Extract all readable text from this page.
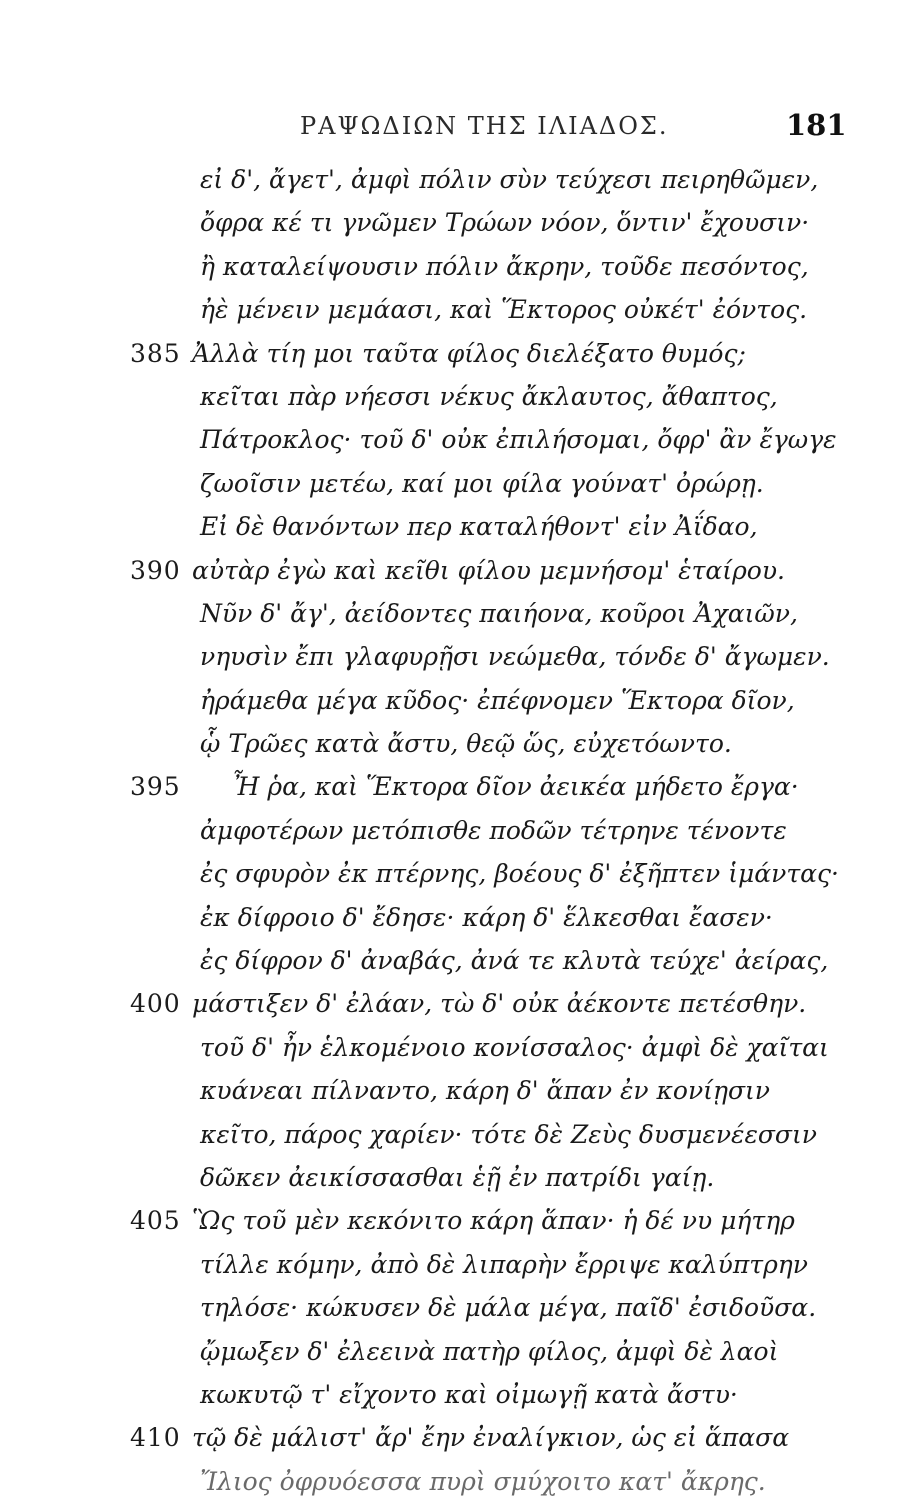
ΡΑΨΩΔΙΩΝ ΤΗΣ ΙΛΙΑΔΟΣ.	181
εἰ δ', ἄγετ', ἀμφὶ πόλιν σὺν τεύχεσι πειρηθῶμεν,
ὄφρα κέ τι γνῶμεν Τρώων νόον, ὅντιν' ἔχουσιν·
ἢ καταλείψουσιν πόλιν ἄκρην, τοῦδε πεσόντος,
ἠὲ μένειν μεμάασι, καὶ Ἕκτορος οὐκέτ' ἐόντος.
385 Ἀλλὰ τίη μοι ταῦτα φίλος διελέξατο θυμός;
κεῖται πὰρ νήεσσι νέκυς ἄκλαυτος, ἄθαπτος,
Πάτροκλος· τοῦ δ' οὐκ ἐπιλήσομαι, ὄφρ' ἂν ἔγωγε
ζωοῖσιν μετέω, καί μοι φίλα γούνατ' ὀρώρῃ.
Εἰ δὲ θανόντων περ καταλήθοντ' εἰν Ἀΐδαο,
390 αὐτὰρ ἐγὼ καὶ κεῖθι φίλου μεμνήσομ' ἑταίρου.
Νῦν δ' ἄγ', ἀείδοντες παιήονα, κοῦροι Ἀχαιῶν,
νηυσὶν ἔπι γλαφυρῇσι νεώμεθα, τόνδε δ' ἄγωμεν.
ἠράμεθα μέγα κῦδος· ἐπέφνομεν Ἕκτορα δῖον,
ᾧ Τρῶες κατὰ ἄστυ, θεῷ ὥς, εὐχετόωντο.
395 Ἦ ῥα, καὶ Ἕκτορα δῖον ἀεικέα μήδετο ἔργα·
ἀμφοτέρων μετόπισθε ποδῶν τέτρηνε τένοντε
ἐς σφυρὸν ἐκ πτέρνης, βοέους δ' ἐξῆπτεν ἱμάντας·
ἐκ δίφροιο δ' ἔδησε· κάρη δ' ἕλκεσθαι ἔασεν·
ἐς δίφρον δ' ἀναβάς, ἀνά τε κλυτὰ τεύχε' ἀείρας,
400 μάστιξεν δ' ἐλάαν, τὼ δ' οὐκ ἀέκοντε πετέσθην.
τοῦ δ' ἦν ἑλκομένοιο κονίσσαλος· ἀμφὶ δὲ χαῖται
κυάνεαι πίλναντο, κάρη δ' ἅπαν ἐν κονίῃσιν
κεῖτο, πάρος χαρίεν· τότε δὲ Ζεὺς δυσμενέεσσιν
δῶκεν ἀεικίσσασθαι ἑῇ ἐν πατρίδι γαίῃ.
405 Ὣς τοῦ μὲν κεκόνιτο κάρη ἅπαν· ἡ δέ νυ μήτηρ
τίλλε κόμην, ἀπὸ δὲ λιπαρὴν ἔρριψε καλύπτρην
τηλόσε· κώκυσεν δὲ μάλα μέγα, παῖδ' ἐσιδοῦσα.
ᾤμωξεν δ' ἐλεεινὰ πατὴρ φίλος, ἀμφὶ δὲ λαοὶ
κωκυτῷ τ' εἴχοντο καὶ οἰμωγῇ κατὰ ἄστυ·
410 τῷ δὲ μάλιστ' ἄρ' ἔην ἐναλίγκιον, ὡς εἰ ἅπασα
Ἴλιος ὀφρυόεσσα πυρὶ σμύχοιτο κατ' ἄκρης.
